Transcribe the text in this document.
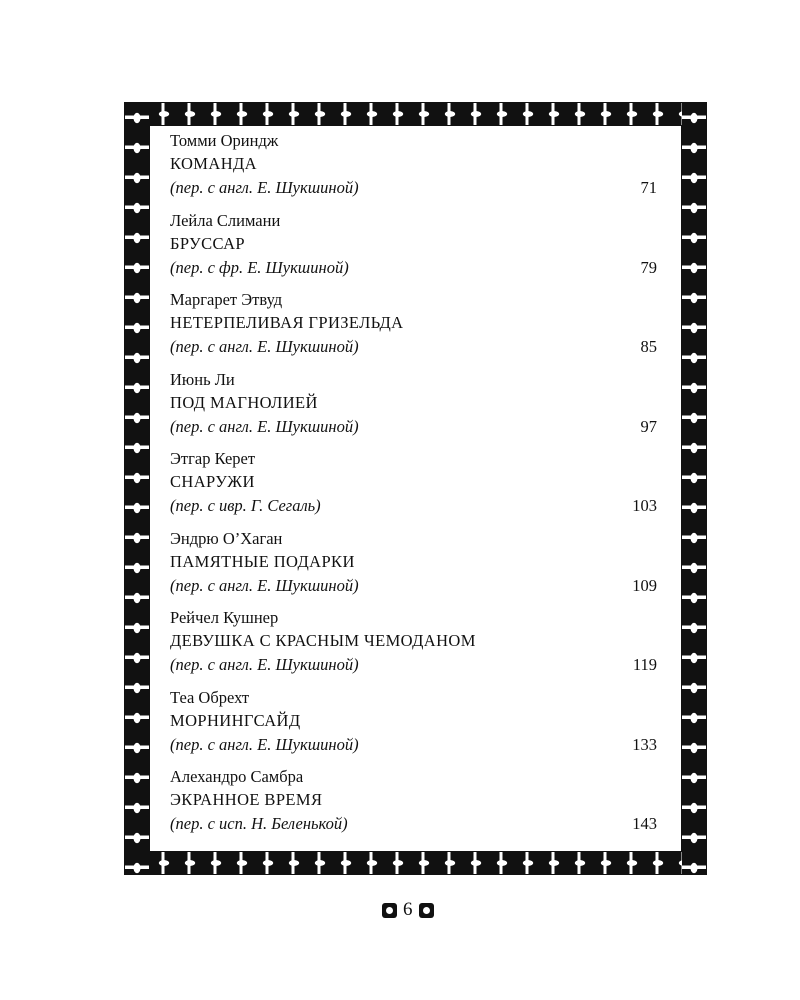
Томми Ориндж
КОМАНДА
(пер. с англ. Е. Шукшиной)	71
Лейла Слимани
БРУССАР
(пер. с фр. Е. Шукшиной)	79
Маргарет Этвуд
НЕТЕРПЕЛИВАЯ ГРИЗЕЛЬДА
(пер. с англ. Е. Шукшиной)	85
Июнь Ли
ПОД МАГНОЛИЕЙ
(пер. с англ. Е. Шукшиной)	97
Этгар Керет
СНАРУЖИ
(пер. с ивр. Г. Сегаль)	103
Эндрю О’Хаган
ПАМЯТНЫЕ ПОДАРКИ
(пер. с англ. Е. Шукшиной)	109
Рейчел Кушнер
ДЕВУШКА С КРАСНЫМ ЧЕМОДАНОМ
(пер. с англ. Е. Шукшиной)	119
Теа Обрехт
МОРНИНГСАЙД
(пер. с англ. Е. Шукшиной)	133
Алехандро Самбра
ЭКРАННОЕ ВРЕМЯ
(пер. с исп. Н. Беленькой)	143
6
